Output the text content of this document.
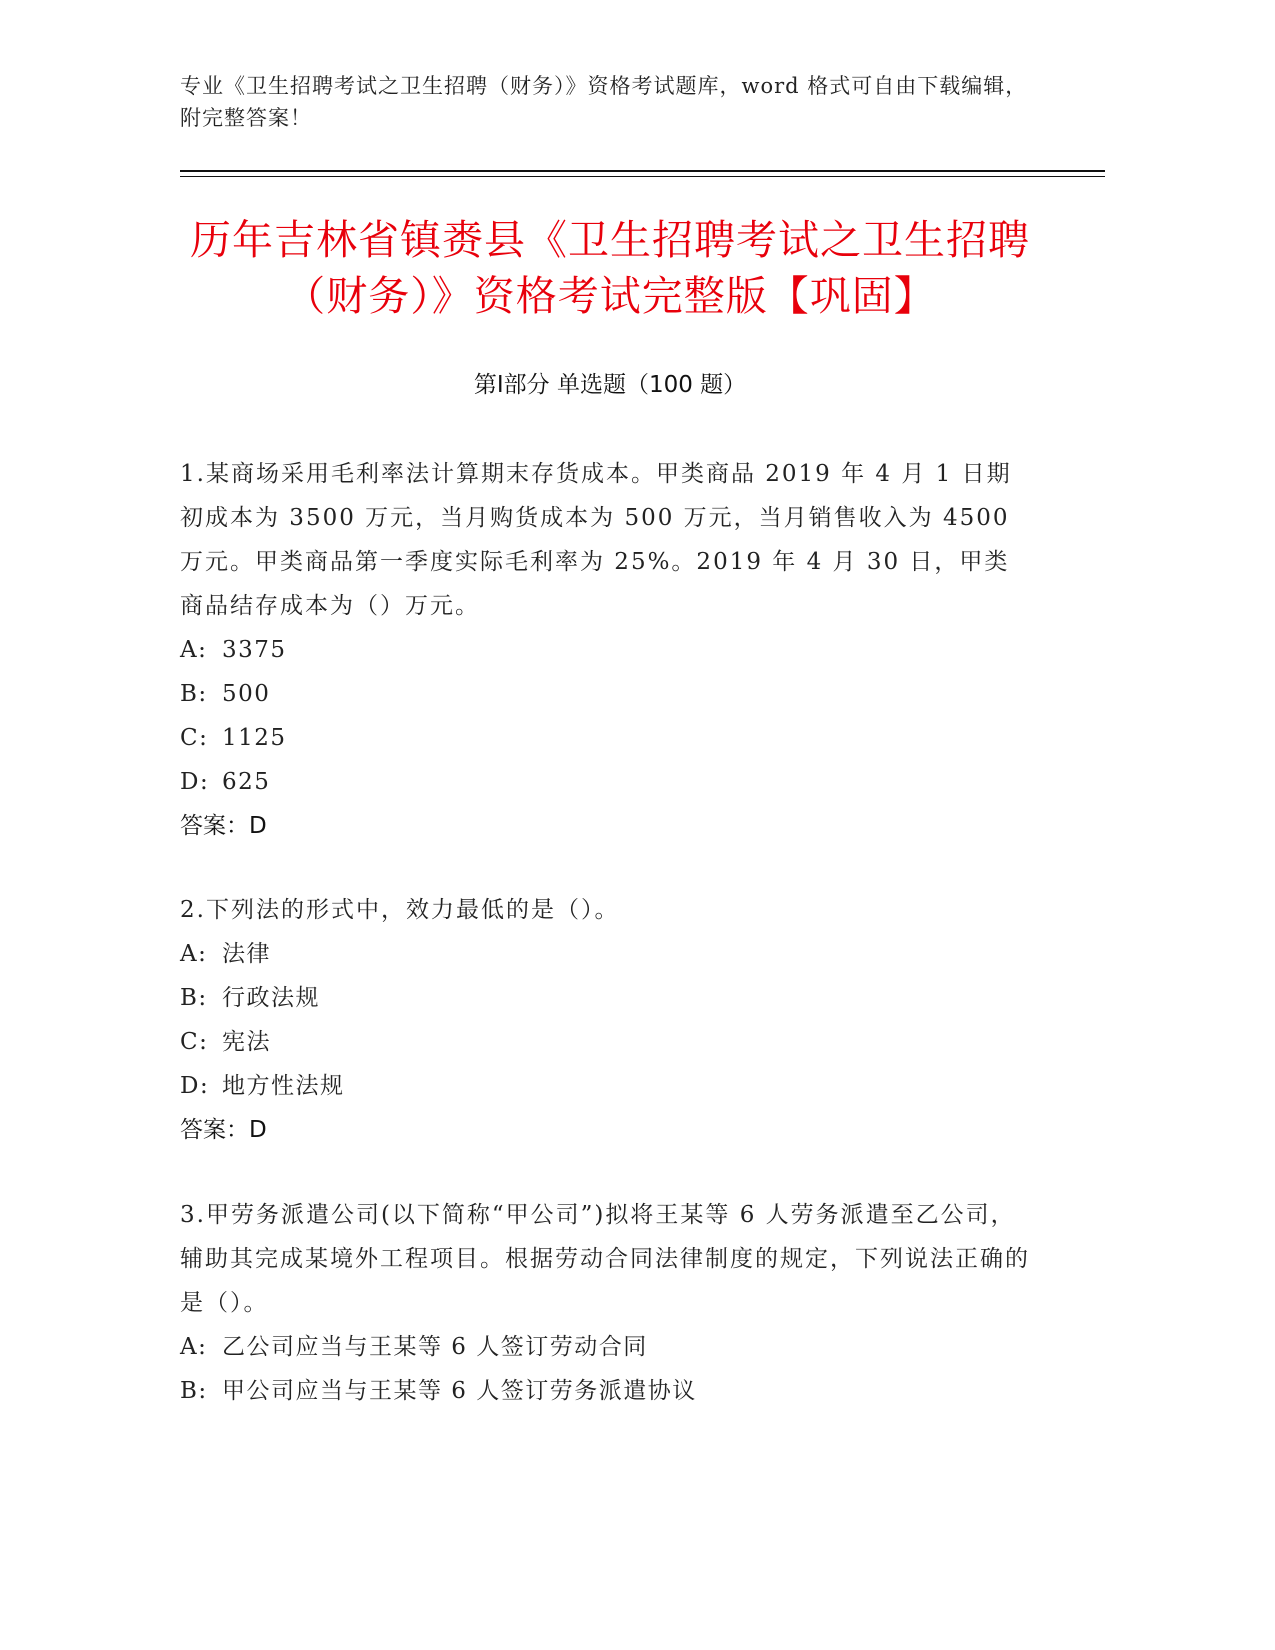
专业《卫生招聘考试之卫生招聘（财务）》资格考试题库，word 格式可自由下载编辑，附完整答案！
历年吉林省镇赉县《卫生招聘考试之卫生招聘（财务）》资格考试完整版【巩固】
第Ⅰ部分 单选题（100 题）

1.某商场采用毛利率法计算期末存货成本。甲类商品 2019 年 4 月 1 日期初成本为 3500 万元，当月购货成本为 500 万元，当月销售收入为 4500 万元。甲类商品第一季度实际毛利率为 25%。2019 年 4 月 30 日，甲类商品结存成本为（）万元。

A: 3375

B: 500

C: 1125

D: 625

答案：D

2.下列法的形式中，效力最低的是（）。

A: 法律

B: 行政法规

C: 宪法

D: 地方性法规

答案：D

3.甲劳务派遣公司(以下简称“甲公司”)拟将王某等 6 人劳务派遣至乙公司，辅助其完成某境外工程项目。根据劳动合同法律制度的规定，下列说法正确的是（）。

A: 乙公司应当与王某等 6 人签订劳动合同

B: 甲公司应当与王某等 6 人签订劳务派遣协议
